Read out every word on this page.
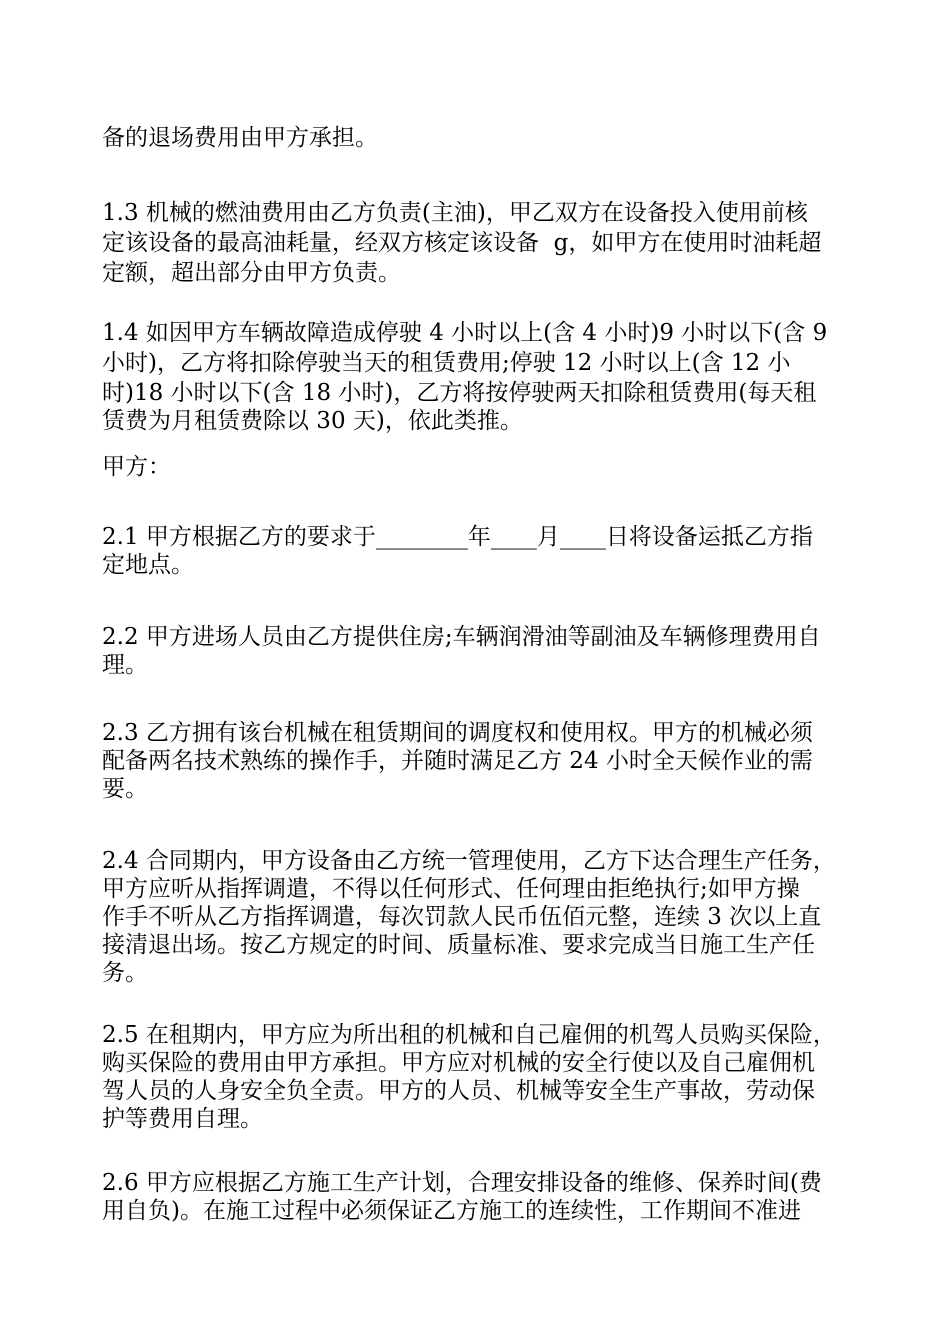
备的退场费用由甲方承担。
1.3 机械的燃油费用由乙方负责(主油)，甲乙双方在设备投入使用前核
定该设备的最高油耗量，经双方核定该设备  g，如甲方在使用时油耗超
定额，超出部分由甲方负责。
1.4 如因甲方车辆故障造成停驶 4 小时以上(含 4 小时)9 小时以下(含 9
小时)，乙方将扣除停驶当天的租赁费用;停驶 12 小时以上(含 12 小
时)18 小时以下(含 18 小时)，乙方将按停驶两天扣除租赁费用(每天租
赁费为月租赁费除以 30 天)，依此类推。
甲方：
2.1 甲方根据乙方的要求于________年____月____日将设备运抵乙方指
定地点。
2.2 甲方进场人员由乙方提供住房;车辆润滑油等副油及车辆修理费用自
理。
2.3 乙方拥有该台机械在租赁期间的调度权和使用权。甲方的机械必须
配备两名技术熟练的操作手，并随时满足乙方 24 小时全天候作业的需
要。
2.4 合同期内，甲方设备由乙方统一管理使用，乙方下达合理生产任务，
甲方应听从指挥调遣，不得以任何形式、任何理由拒绝执行;如甲方操
作手不听从乙方指挥调遣，每次罚款人民币伍佰元整，连续 3 次以上直
接清退出场。按乙方规定的时间、质量标准、要求完成当日施工生产任
务。
2.5 在租期内，甲方应为所出租的机械和自己雇佣的机驾人员购买保险，
购买保险的费用由甲方承担。甲方应对机械的安全行使以及自己雇佣机
驾人员的人身安全负全责。甲方的人员、机械等安全生产事故，劳动保
护等费用自理。
2.6 甲方应根据乙方施工生产计划，合理安排设备的维修、保养时间(费
用自负)。在施工过程中必须保证乙方施工的连续性，工作期间不准进
